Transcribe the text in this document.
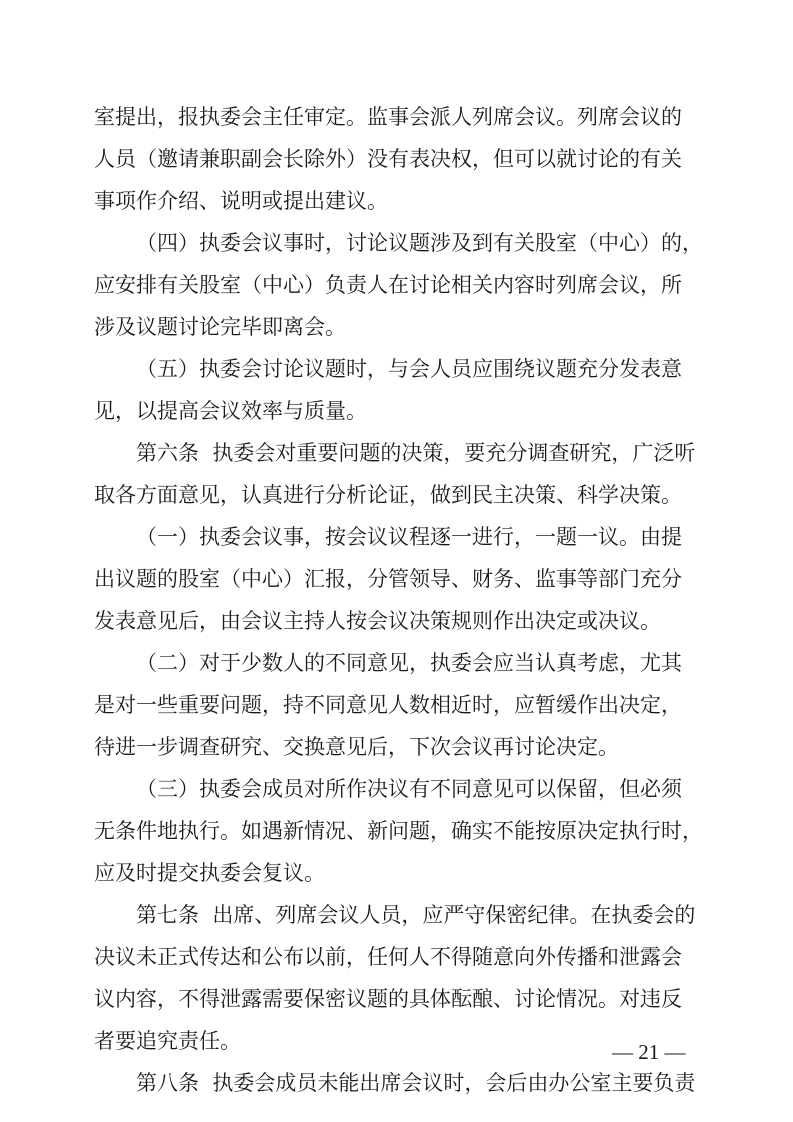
室提出，报执委会主任审定。监事会派人列席会议。列席会议的
人员（邀请兼职副会长除外）没有表决权，但可以就讨论的有关
事项作介绍、说明或提出建议。
（四）执委会议事时，讨论议题涉及到有关股室（中心）的，
应安排有关股室（中心）负责人在讨论相关内容时列席会议，所
涉及议题讨论完毕即离会。
（五）执委会讨论议题时，与会人员应围绕议题充分发表意
见，以提高会议效率与质量。
第六条  执委会对重要问题的决策，要充分调查研究，广泛听
取各方面意见，认真进行分析论证，做到民主决策、科学决策。
（一）执委会议事，按会议议程逐一进行，一题一议。由提
出议题的股室（中心）汇报，分管领导、财务、监事等部门充分
发表意见后，由会议主持人按会议决策规则作出决定或决议。
（二）对于少数人的不同意见，执委会应当认真考虑，尤其
是对一些重要问题，持不同意见人数相近时，应暂缓作出决定，
待进一步调查研究、交换意见后，下次会议再讨论决定。
（三）执委会成员对所作决议有不同意见可以保留，但必须
无条件地执行。如遇新情况、新问题，确实不能按原决定执行时，
应及时提交执委会复议。
第七条  出席、列席会议人员，应严守保密纪律。在执委会的
决议未正式传达和公布以前，任何人不得随意向外传播和泄露会
议内容，不得泄露需要保密议题的具体酝酿、讨论情况。对违反
者要追究责任。
第八条  执委会成员未能出席会议时，会后由办公室主要负责
— 21 —
